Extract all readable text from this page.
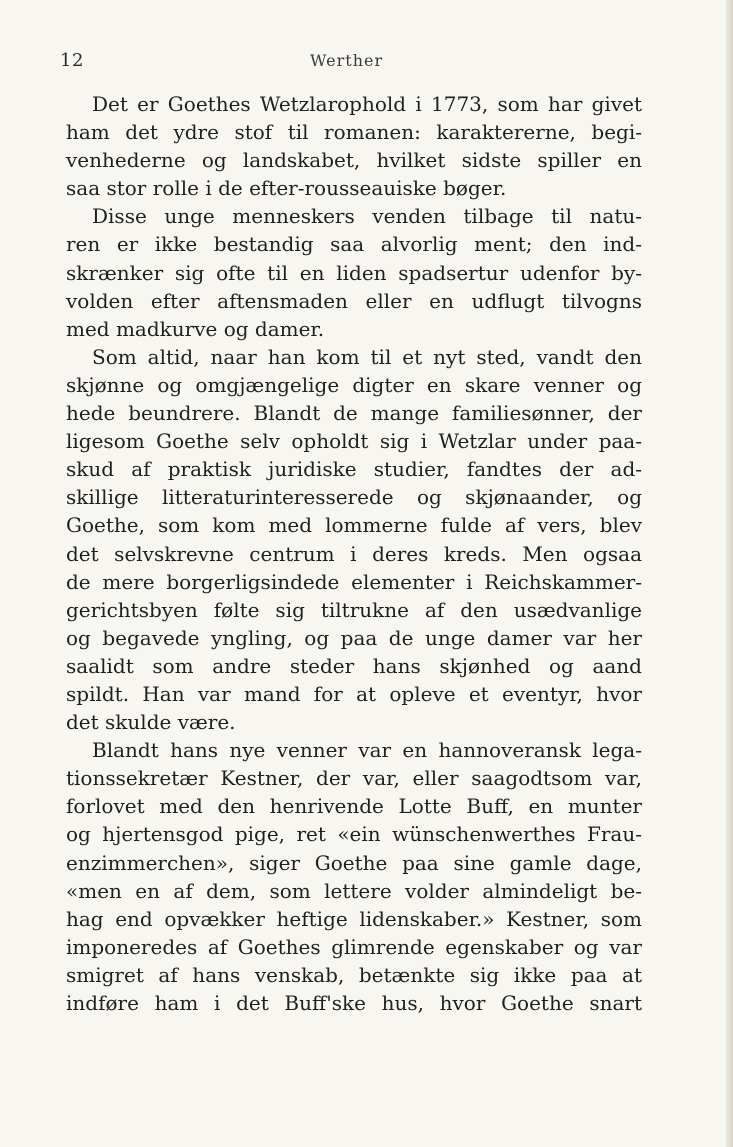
12	Werther
Det er Goethes Wetzlarophold i 1773, som har givet
ham det ydre stof til romanen: karaktererne, begi-
venhederne og landskabet, hvilket sidste spiller en
saa stor rolle i de efter-rousseauiske bøger.
Disse unge menneskers venden tilbage til natu-
ren er ikke bestandig saa alvorlig ment; den ind-
skrænker sig ofte til en liden spadsertur udenfor by-
volden efter aftensmaden eller en udflugt tilvogns
med madkurve og damer.
Som altid, naar han kom til et nyt sted, vandt den
skjønne og omgjængelige digter en skare venner og
hede beundrere. Blandt de mange familiesønner, der
ligesom Goethe selv opholdt sig i Wetzlar under paa-
skud af praktisk juridiske studier, fandtes der ad-
skillige litteraturinteresserede og skjønaander, og
Goethe, som kom med lommerne fulde af vers, blev
det selvskrevne centrum i deres kreds. Men ogsaa
de mere borgerligsindede elementer i Reichskammer-
gerichtsbyen følte sig tiltrukne af den usædvanlige
og begavede yngling, og paa de unge damer var her
saalidt som andre steder hans skjønhed og aand
spildt. Han var mand for at opleve et eventyr, hvor
det skulde være.
Blandt hans nye venner var en hannoveransk lega-
tionssekretær Kestner, der var, eller saagodtsom var,
forlovet med den henrivende Lotte Buff, en munter
og hjertensgod pige, ret «ein wünschenwerthes Frau-
enzimmerchen», siger Goethe paa sine gamle dage,
«men en af dem, som lettere volder almindeligt be-
hag end opvækker heftige lidenskaber.» Kestner, som
imponeredes af Goethes glimrende egenskaber og var
smigret af hans venskab, betænkte sig ikke paa at
indføre ham i det Buff'ske hus, hvor Goethe snart
